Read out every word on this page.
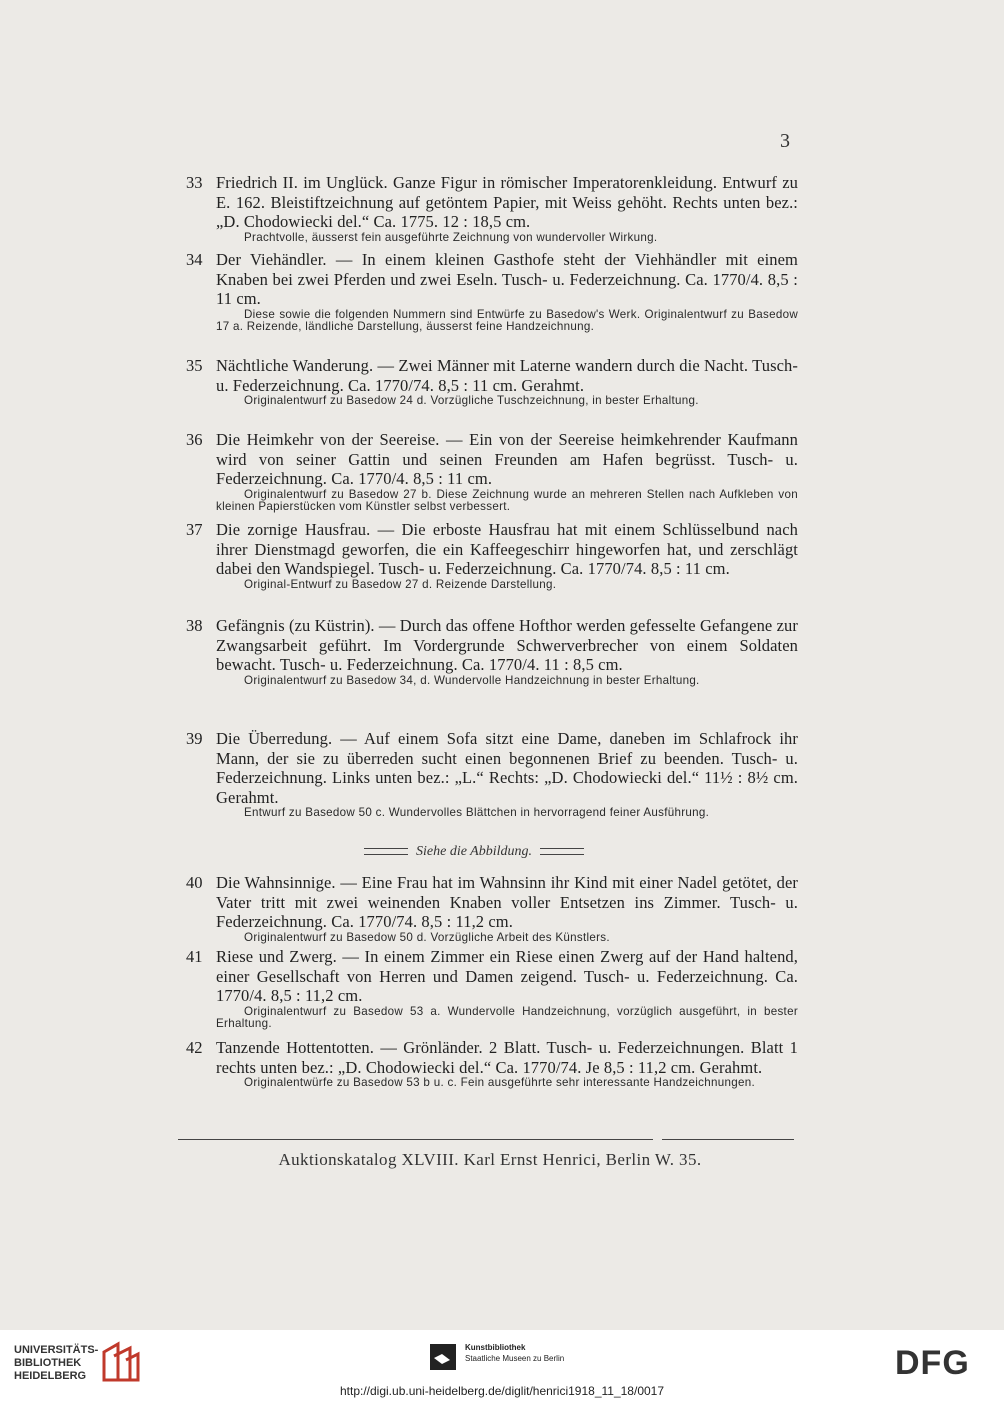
3
33 Friedrich II. im Unglück. Ganze Figur in römischer Imperatorenkleidung. Entwurf zu E. 162. Bleistiftzeichnung auf getöntem Papier, mit Weiss gehöht. Rechts unten bez.: „D. Chodowiecki del.“ Ca. 1775. 12 : 18,5 cm.
Prachtvolle, äusserst fein ausgeführte Zeichnung von wundervoller Wirkung.
34 Der Viehändler. — In einem kleinen Gasthofe steht der Viehhändler mit einem Knaben bei zwei Pferden und zwei Eseln. Tusch- u. Federzeichnung. Ca. 1770/4. 8,5 : 11 cm.
Diese sowie die folgenden Nummern sind Entwürfe zu Basedow's Werk. Originalentwurf zu Basedow 17 a. Reizende, ländliche Darstellung, äusserst feine Handzeichnung.
35 Nächtliche Wanderung. — Zwei Männer mit Laterne wandern durch die Nacht. Tusch- u. Federzeichnung. Ca. 1770/74. 8,5 : 11 cm. Gerahmt.
Originalentwurf zu Basedow 24 d. Vorzügliche Tuschzeichnung, in bester Erhaltung.
36 Die Heimkehr von der Seereise. — Ein von der Seereise heimkehrender Kaufmann wird von seiner Gattin und seinen Freunden am Hafen begrüsst. Tusch- u. Federzeichnung. Ca. 1770/4. 8,5 : 11 cm.
Originalentwurf zu Basedow 27 b. Diese Zeichnung wurde an mehreren Stellen nach Aufkleben von kleinen Papierstücken vom Künstler selbst verbessert.
37 Die zornige Hausfrau. — Die erboste Hausfrau hat mit einem Schlüsselbund nach ihrer Dienstmagd geworfen, die ein Kaffeegeschirr hingeworfen hat, und zerschlägt dabei den Wandspiegel. Tusch- u. Federzeichnung. Ca. 1770/74. 8,5 : 11 cm.
Original-Entwurf zu Basedow 27 d. Reizende Darstellung.
38 Gefängnis (zu Küstrin). — Durch das offene Hofthor werden gefesselte Gefangene zur Zwangsarbeit geführt. Im Vordergrunde Schwerverbrecher von einem Soldaten bewacht. Tusch- u. Federzeichnung. Ca. 1770/4. 11 : 8,5 cm.
Originalentwurf zu Basedow 34, d. Wundervolle Handzeichnung in bester Erhaltung.
39 Die Überredung. — Auf einem Sofa sitzt eine Dame, daneben im Schlafrock ihr Mann, der sie zu überreden sucht einen begonnenen Brief zu beenden. Tusch- u. Federzeichnung. Links unten bez.: „L.“ Rechts: „D. Chodowiecki del.“ 11½ : 8½ cm. Gerahmt.
Entwurf zu Basedow 50 c. Wundervolles Blättchen in hervorragend feiner Ausführung.
Siehe die Abbildung.
40 Die Wahnsinnige. — Eine Frau hat im Wahnsinn ihr Kind mit einer Nadel getötet, der Vater tritt mit zwei weinenden Knaben voller Entsetzen ins Zimmer. Tusch- u. Federzeichnung. Ca. 1770/74. 8,5 : 11,2 cm.
Originalentwurf zu Basedow 50 d. Vorzügliche Arbeit des Künstlers.
41 Riese und Zwerg. — In einem Zimmer ein Riese einen Zwerg auf der Hand haltend, einer Gesellschaft von Herren und Damen zeigend. Tusch- u. Federzeichnung. Ca. 1770/4. 8,5 : 11,2 cm.
Originalentwurf zu Basedow 53 a. Wundervolle Handzeichnung, vorzüglich ausgeführt, in bester Erhaltung.
42 Tanzende Hottentotten. — Grönländer. 2 Blatt. Tusch- u. Federzeichnungen. Blatt 1 rechts unten bez.: „D. Chodowiecki del.“ Ca. 1770/74. Je 8,5 : 11,2 cm. Gerahmt.
Originalentwürfe zu Basedow 53 b u. c. Fein ausgeführte sehr interessante Handzeichnungen.
Auktionskatalog XLVIII. Karl Ernst Henrici, Berlin W. 35.
UNIVERSITÄTS-
BIBLIOTHEK
HEIDELBERG
Kunstbibliothek
Staatliche Museen zu Berlin	DFG
http://digi.ub.uni-heidelberg.de/diglit/henrici1918_11_18/0017
